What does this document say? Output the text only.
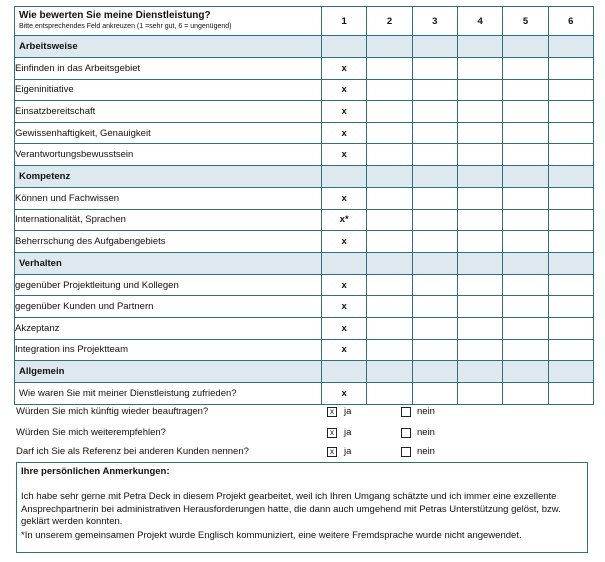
Wie bewerten Sie meine Dienstleistung?
Bitte entsprechendes Feld ankreuzen (1 =sehr gut, 6 = ungenügend)	1	2	3	4	5	6
Arbeitsweise						
Einfinden in das Arbeitsgebiet	x					
Eigeninitiative	x					
Einsatzbereitschaft	x					
Gewissenhaftigkeit, Genauigkeit	x					
Verantwortungsbewusstsein	x					
Kompetenz						
Können und Fachwissen	x					
Internationalität, Sprachen	x*					
Beherrschung des Aufgabengebiets	x					
Verhalten						
gegenüber Projektleitung und Kollegen	x					
gegenüber Kunden und Partnern	x					
Akzeptanz	x					
Integration ins Projektteam	x					
Allgemein						
Wie waren Sie mit meiner Dienstleistung zufrieden?	x					
Würden Sie mich künftig wieder beauftragen?	x	ja	nein
Würden Sie mich weiterempfehlen?	x	ja	nein
Darf ich Sie als Referenz bei anderen Kunden nennen?	x	ja	nein
Ihre persönlichen Anmerkungen:
Ich habe sehr gerne mit Petra Deck in diesem Projekt gearbeitet, weil ich Ihren Umgang schätzte und ich immer eine exzellente Ansprechpartnerin bei administrativen Herausforderungen hatte, die dann auch umgehend mit Petras Unterstützung gelöst, bzw. geklärt werden konnten.
*In unserem gemeinsamen Projekt wurde Englisch kommuniziert, eine weitere Fremdsprache wurde nicht angewendet.
